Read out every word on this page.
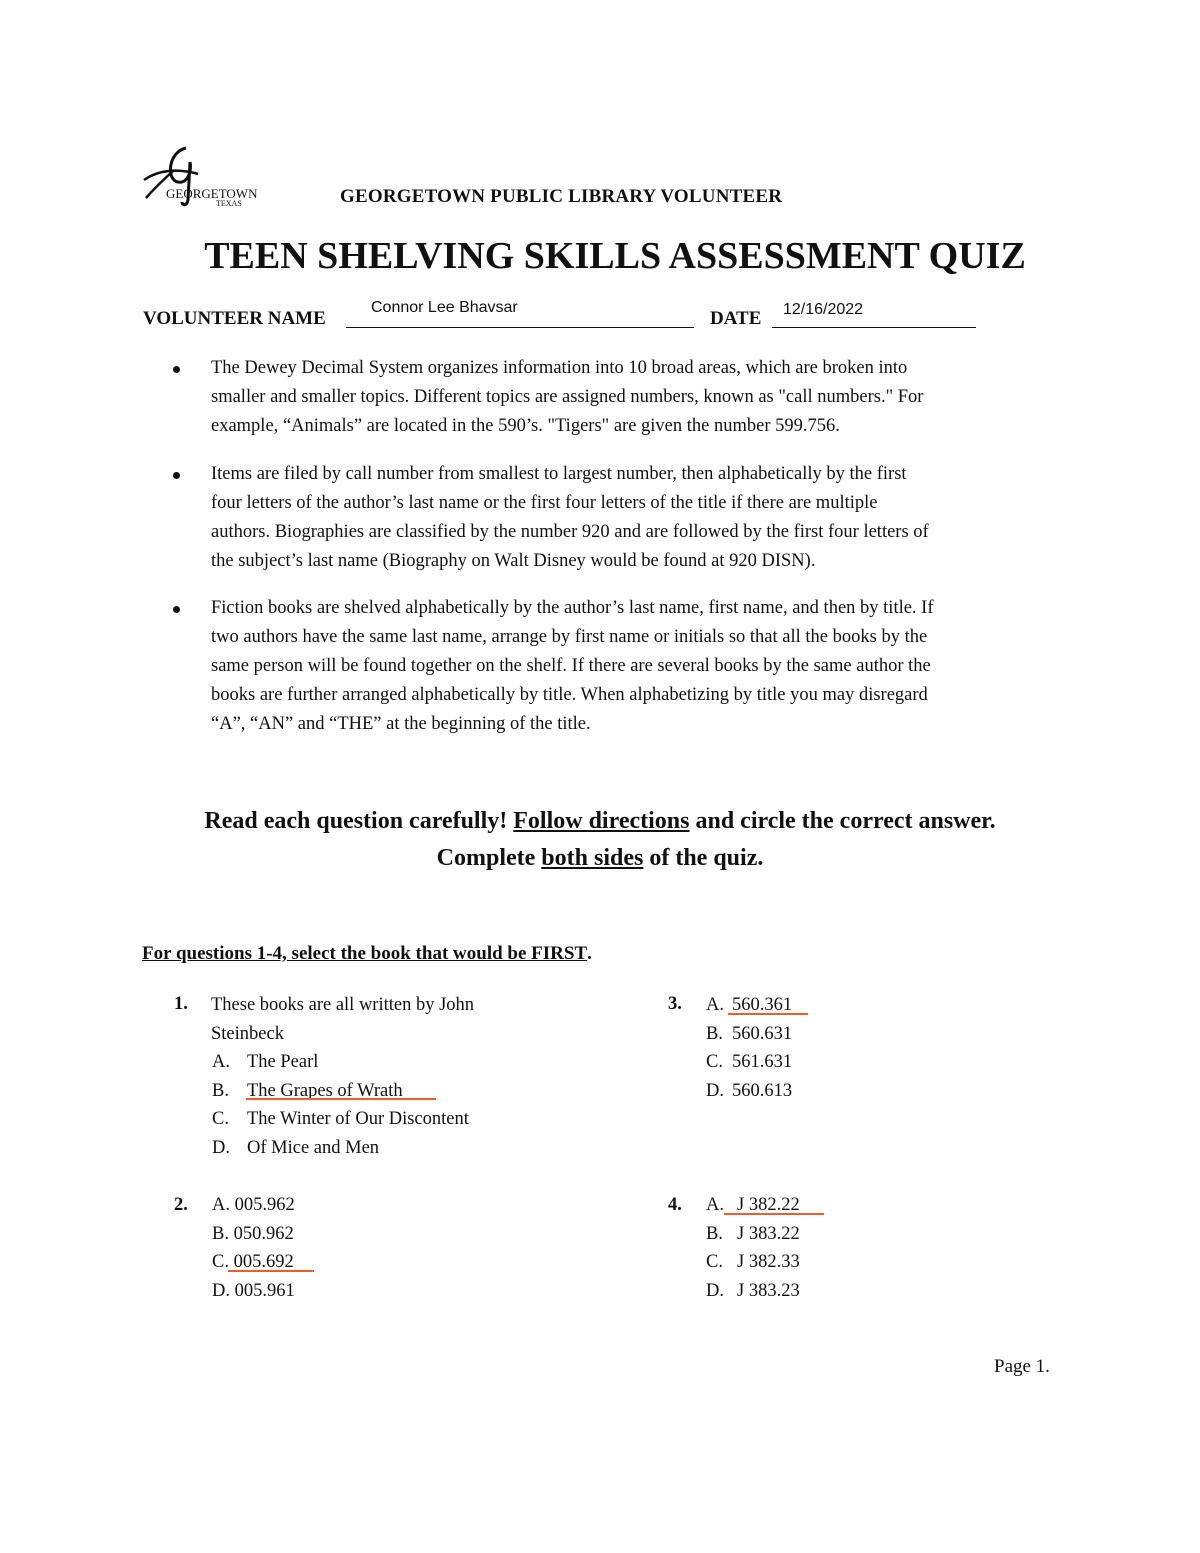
GEORGETOWN
TEXAS	GEORGETOWN PUBLIC LIBRARY VOLUNTEER
TEEN SHELVING SKILLS ASSESSMENT QUIZ
VOLUNTEER NAME
Connor Lee Bhavsar
DATE 12/16/2022
The Dewey Decimal System organizes information into 10 broad areas, which are broken into
smaller and smaller topics. Different topics are assigned numbers, known as "call numbers." For
example, “Animals” are located in the 590’s. "Tigers" are given the number 599.756.
Items are filed by call number from smallest to largest number, then alphabetically by the first
four letters of the author’s last name or the first four letters of the title if there are multiple
authors. Biographies are classified by the number 920 and are followed by the first four letters of
the subject’s last name (Biography on Walt Disney would be found at 920 DISN).
Fiction books are shelved alphabetically by the author’s last name, first name, and then by title. If
two authors have the same last name, arrange by first name or initials so that all the books by the
same person will be found together on the shelf. If there are several books by the same author the
books are further arranged alphabetically by title. When alphabetizing by title you may disregard
“A”, “AN” and “THE” at the beginning of the title.
Read each question carefully! Follow directions and circle the correct answer.
Complete both sides of the quiz.
For questions 1-4, select the book that would be FIRST.
1. These books are all written by John
Steinbeck
A.
B.
C.
D.
The Pearl
The Grapes of Wrath
The Winter of Our Discontent
Of Mice and Men
2. A. 005.962
B. 050.962
C. 005.692
D. 005.961
3. A.
B.
C.
D.
560.361
560.631
561.631
560.613
4. A.
B.
C.
D.
J 382.22
J 383.22
J 382.33
J 383.23
Page 1.
